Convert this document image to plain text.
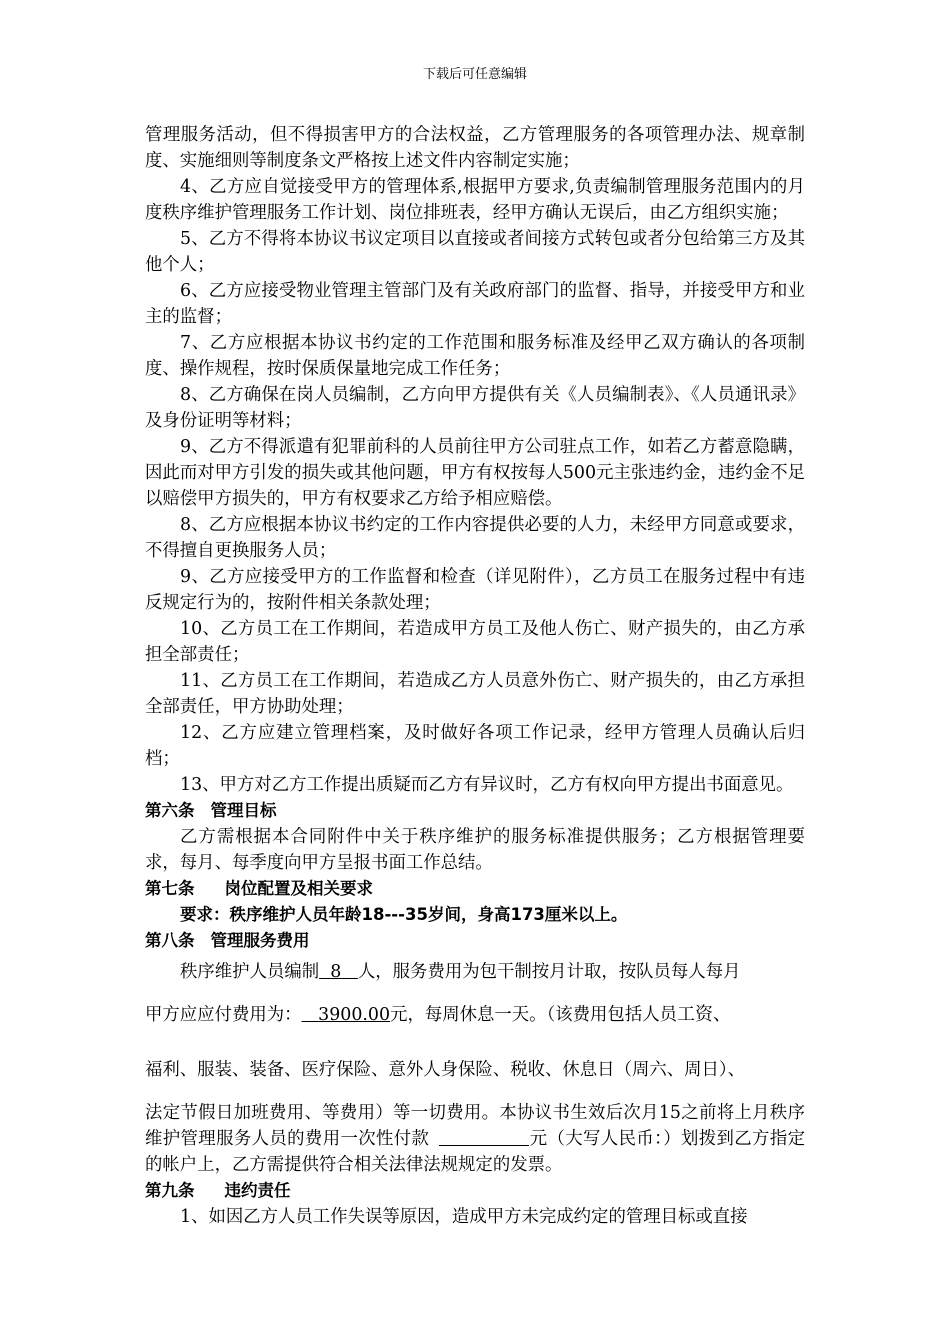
下载后可任意编辑

管理服务活动，但不得损害甲方的合法权益，乙方管理服务的各项管理办法、规章制度、实施细则等制度条文严格按上述文件内容制定实施；

4、乙方应自觉接受甲方的管理体系,根据甲方要求,负责编制管理服务范围内的月度秩序维护管理服务工作计划、岗位排班表，经甲方确认无误后，由乙方组织实施；

5、乙方不得将本协议书议定项目以直接或者间接方式转包或者分包给第三方及其他个人；

6、乙方应接受物业管理主管部门及有关政府部门的监督、指导，并接受甲方和业主的监督；

7、乙方应根据本协议书约定的工作范围和服务标准及经甲乙双方确认的各项制度、操作规程，按时保质保量地完成工作任务；

8、乙方确保在岗人员编制，乙方向甲方提供有关《人员编制表》、《人员通讯录》及身份证明等材料；

9、乙方不得派遣有犯罪前科的人员前往甲方公司驻点工作，如若乙方蓄意隐瞒，因此而对甲方引发的损失或其他问题，甲方有权按每人500元主张违约金，违约金不足以赔偿甲方损失的，甲方有权要求乙方给予相应赔偿。

8、乙方应根据本协议书约定的工作内容提供必要的人力，未经甲方同意或要求，不得擅自更换服务人员；

9、乙方应接受甲方的工作监督和检查（详见附件），乙方员工在服务过程中有违反规定行为的，按附件相关条款处理；

10、乙方员工在工作期间，若造成甲方员工及他人伤亡、财产损失的，由乙方承担全部责任；

11、乙方员工在工作期间，若造成乙方人员意外伤亡、财产损失的，由乙方承担全部责任，甲方协助处理；

12、乙方应建立管理档案，及时做好各项工作记录，经甲方管理人员确认后归档；

13、甲方对乙方工作提出质疑而乙方有异议时，乙方有权向甲方提出书面意见。

第六条 管理目标

乙方需根据本合同附件中关于秩序维护的服务标准提供服务；乙方根据管理要求，每月、每季度向甲方呈报书面工作总结。

第七条 岗位配置及相关要求

要求：秩序维护人员年龄18---35岁间，身高173厘米以上。

第八条 管理服务费用

秩序维护人员编制 8 人，服务费用为包干制按月计取，按队员每人每月

甲方应应付费用为： 3900.00元，每周休息一天。（该费用包括人员工资、

福利、服装、装备、医疗保险、意外人身保险、税收、休息日（周六、周日）、

法定节假日加班费用、等费用）等一切费用。本协议书生效后次月15之前将上月秩序维护管理服务人员的费用一次性付款	元（大写人民币：）划拨到乙方指定的帐户上，乙方需提供符合相关法律法规规定的发票。

第九条 违约责任

1、如因乙方人员工作失误等原因，造成甲方未完成约定的管理目标或直接
